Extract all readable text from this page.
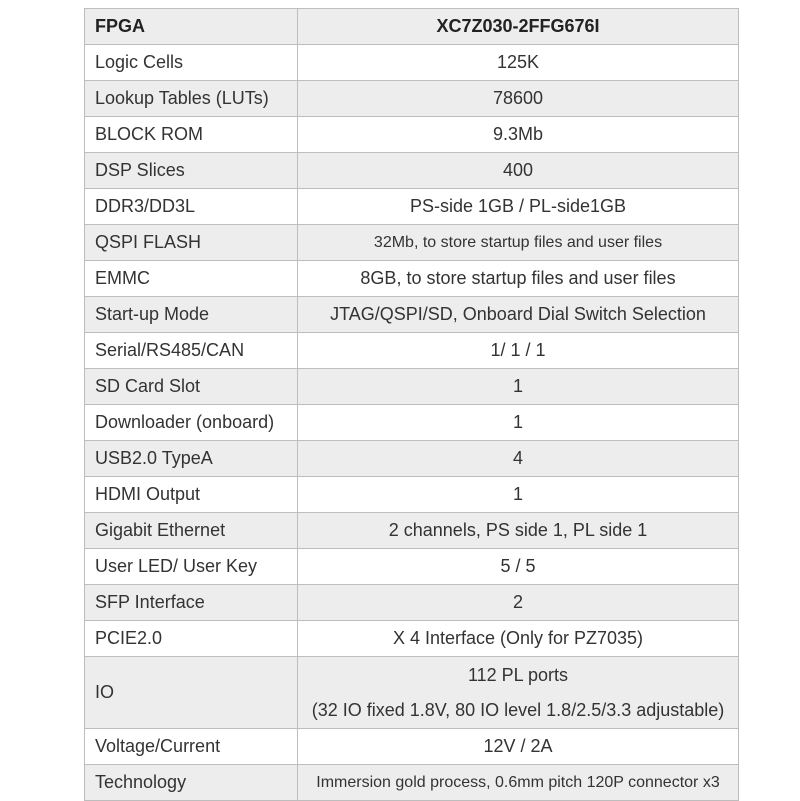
FPGA	XC7Z030-2FFG676I
Logic Cells	125K
Lookup Tables (LUTs)	78600
BLOCK ROM	9.3Mb
DSP Slices	400
DDR3/DD3L	PS-side 1GB / PL-side1GB
QSPI FLASH	32Mb, to store startup files and user files
EMMC	8GB, to store startup files and user files
Start-up Mode	JTAG/QSPI/SD, Onboard Dial Switch Selection
Serial/RS485/CAN	1/ 1 / 1
SD Card Slot	1
Downloader (onboard)	1
USB2.0 TypeA	4
HDMI Output	1
Gigabit Ethernet	2 channels, PS side 1, PL side 1
User LED/ User Key	5 / 5
SFP Interface	2
PCIE2.0	X 4 Interface (Only for PZ7035)
IO	112 PL ports
(32 IO fixed 1.8V, 80 IO level 1.8/2.5/3.3 adjustable)

Voltage/Current	12V / 2A
Technology	Immersion gold process, 0.6mm pitch 120P connector x3
